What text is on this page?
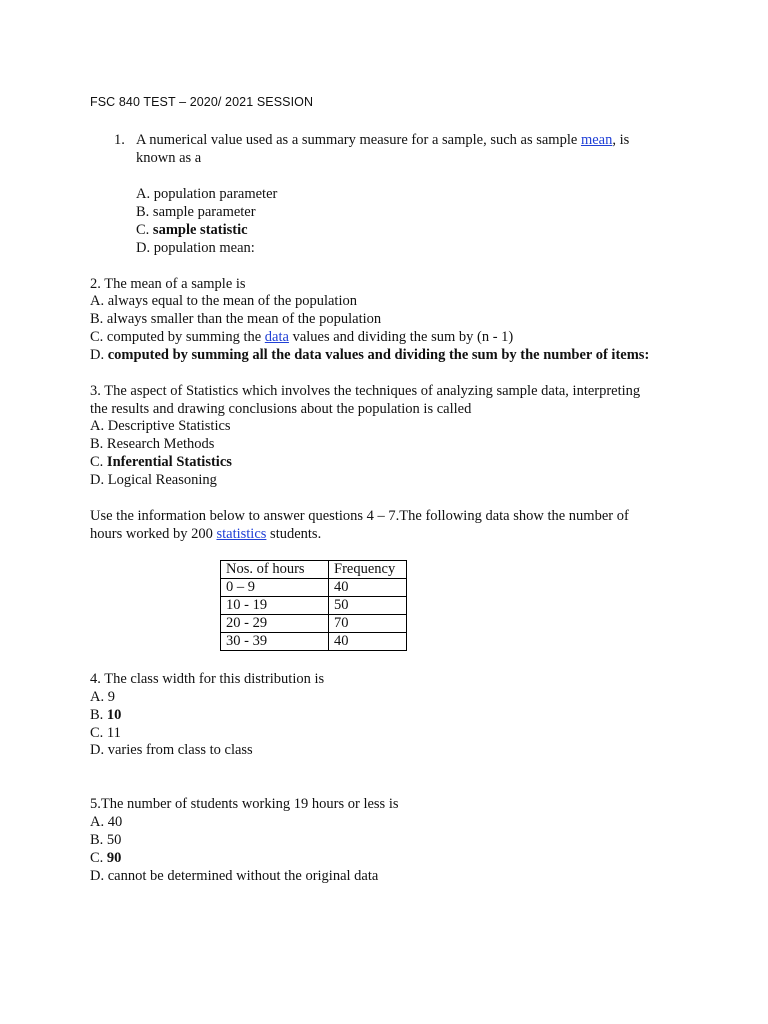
FSC 840 TEST – 2020/ 2021 SESSION
1. A numerical value used as a summary measure for a sample, such as sample mean, is
known as a
A. population parameter
B. sample parameter
C. sample statistic
D. population mean:
2. The mean of a sample is
A. always equal to the mean of the population
B. always smaller than the mean of the population
C. computed by summing the data values and dividing the sum by (n - 1)
D. computed by summing all the data values and dividing the sum by the number of items:
3. The aspect of Statistics which involves the techniques of analyzing sample data, interpreting
the results and drawing conclusions about the population is called
A. Descriptive Statistics
B. Research Methods
C. Inferential Statistics
D. Logical Reasoning
Use the information below to answer questions 4 – 7.The following data show the number of
hours worked by 200 statistics students.
Nos. of hours	Frequency
0 – 9	40
10 - 19	50
20 - 29	70
30 - 39	40
4. The class width for this distribution is
A. 9
B. 10
C. 11
D. varies from class to class
5.The number of students working 19 hours or less is
A. 40
B. 50
C. 90
D. cannot be determined without the original data
